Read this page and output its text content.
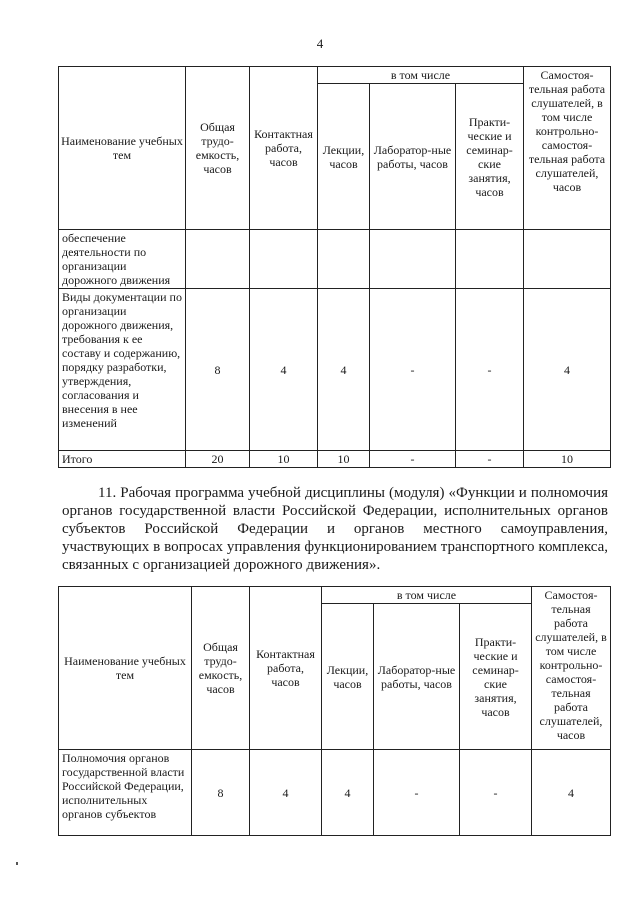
4
Наименование учебных тем	Общая трудо-емкость, часов	Контактная работа, часов	в том числе			Самостоя-тельная работа слушателей, в том числе контрольно-самостоя-тельная работа слушателей, часов
			Лекции, часов	Лаборатор-ные работы, часов	Практи-ческие и семинар-ские занятия, часов	
обеспечение деятельности по организации дорожного движения						
Виды документации по организации дорожного движения, требования к ее составу и содержанию, порядку разработки, утверждения, согласования и внесения в нее изменений	8	4	4	-	-	4
Итого	20	10	10	-	-	10
11. Рабочая программа учебной дисциплины (модуля) «Функции и полномочия органов государственной власти Российской Федерации, исполнительных органов субъектов Российской Федерации и органов местного самоуправления, участвующих в вопросах управления функционированием транспортного комплекса, связанных с организацией дорожного движения».
Наименование учебных тем	Общая трудо-емкость, часов	Контактная работа, часов	в том числе			Самостоя-тельная работа слушателей, в том числе контрольно-самостоя-тельная работа слушателей, часов
			Лекции, часов	Лаборатор-ные работы, часов	Практи-ческие и семинар-ские занятия, часов	
Полномочия органов государственной власти Российской Федерации, исполнительных органов субъектов	8	4	4	-	-	4
